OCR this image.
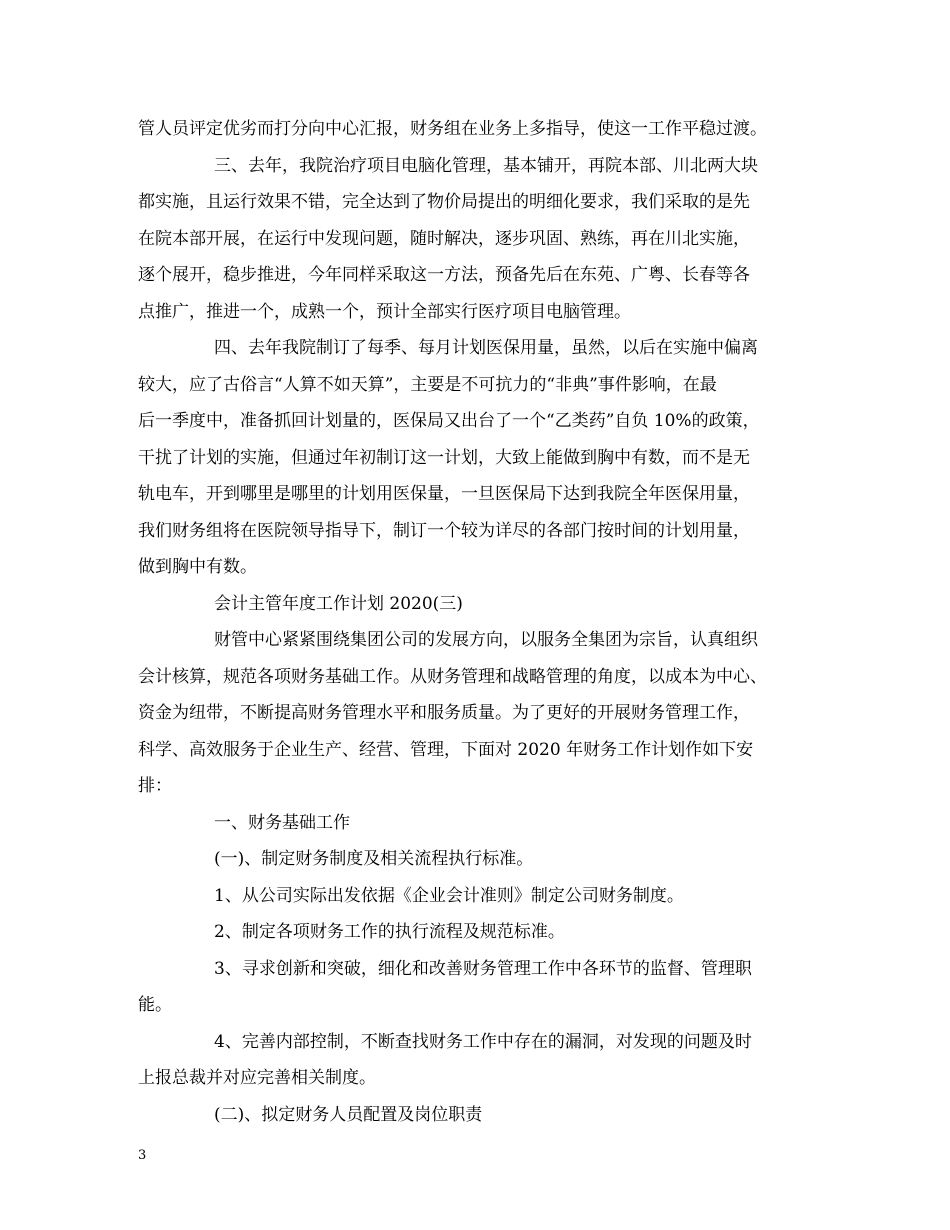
管人员评定优劣而打分向中心汇报，财务组在业务上多指导，使这一工作平稳过渡。
三、去年，我院治疗项目电脑化管理，基本铺开，再院本部、川北两大块
都实施，且运行效果不错，完全达到了物价局提出的明细化要求，我们采取的是先
在院本部开展，在运行中发现问题，随时解决，逐步巩固、熟练，再在川北实施，
逐个展开，稳步推进，今年同样采取这一方法，预备先后在东苑、广粤、长春等各
点推广，推进一个，成熟一个，预计全部实行医疗项目电脑管理。
四、去年我院制订了每季、每月计划医保用量，虽然，以后在实施中偏离
较大，应了古俗言“人算不如天算”，主要是不可抗力的“非典”事件影响，在最
后一季度中，准备抓回计划量的，医保局又出台了一个“乙类药”自负 10%的政策，
干扰了计划的实施，但通过年初制订这一计划，大致上能做到胸中有数，而不是无
轨电车，开到哪里是哪里的计划用医保量，一旦医保局下达到我院全年医保用量，
我们财务组将在医院领导指导下，制订一个较为详尽的各部门按时间的计划用量，
做到胸中有数。
会计主管年度工作计划 2020(三)
财管中心紧紧围绕集团公司的发展方向，以服务全集团为宗旨，认真组织
会计核算，规范各项财务基础工作。从财务管理和战略管理的角度，以成本为中心、
资金为纽带，不断提高财务管理水平和服务质量。为了更好的开展财务管理工作，
科学、高效服务于企业生产、经营、管理，下面对 2020 年财务工作计划作如下安
排：
一、财务基础工作
(一)、制定财务制度及相关流程执行标准。
1、从公司实际出发依据《企业会计准则》制定公司财务制度。
2、制定各项财务工作的执行流程及规范标准。
3、寻求创新和突破，细化和改善财务管理工作中各环节的监督、管理职
能。
4、完善内部控制，不断查找财务工作中存在的漏洞，对发现的问题及时
上报总裁并对应完善相关制度。
(二)、拟定财务人员配置及岗位职责
3
